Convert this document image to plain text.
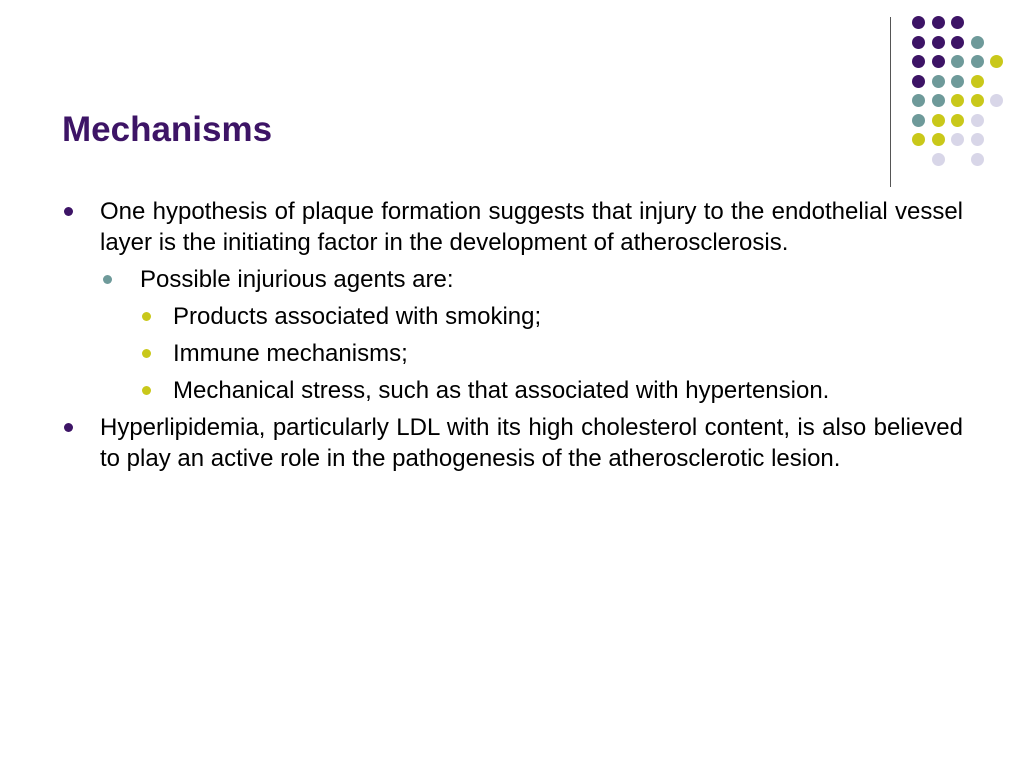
Mechanisms

One hypothesis of plaque formation suggests that injury to the endothelial vessel layer is the initiating factor in the development of atherosclerosis.

Possible injurious agents are:

Products associated with smoking;

Immune mechanisms;

Mechanical stress, such as that associated with hypertension.

Hyperlipidemia, particularly LDL with its high cholesterol content, is also believed to play an active role in the pathogenesis of the atherosclerotic lesion.
